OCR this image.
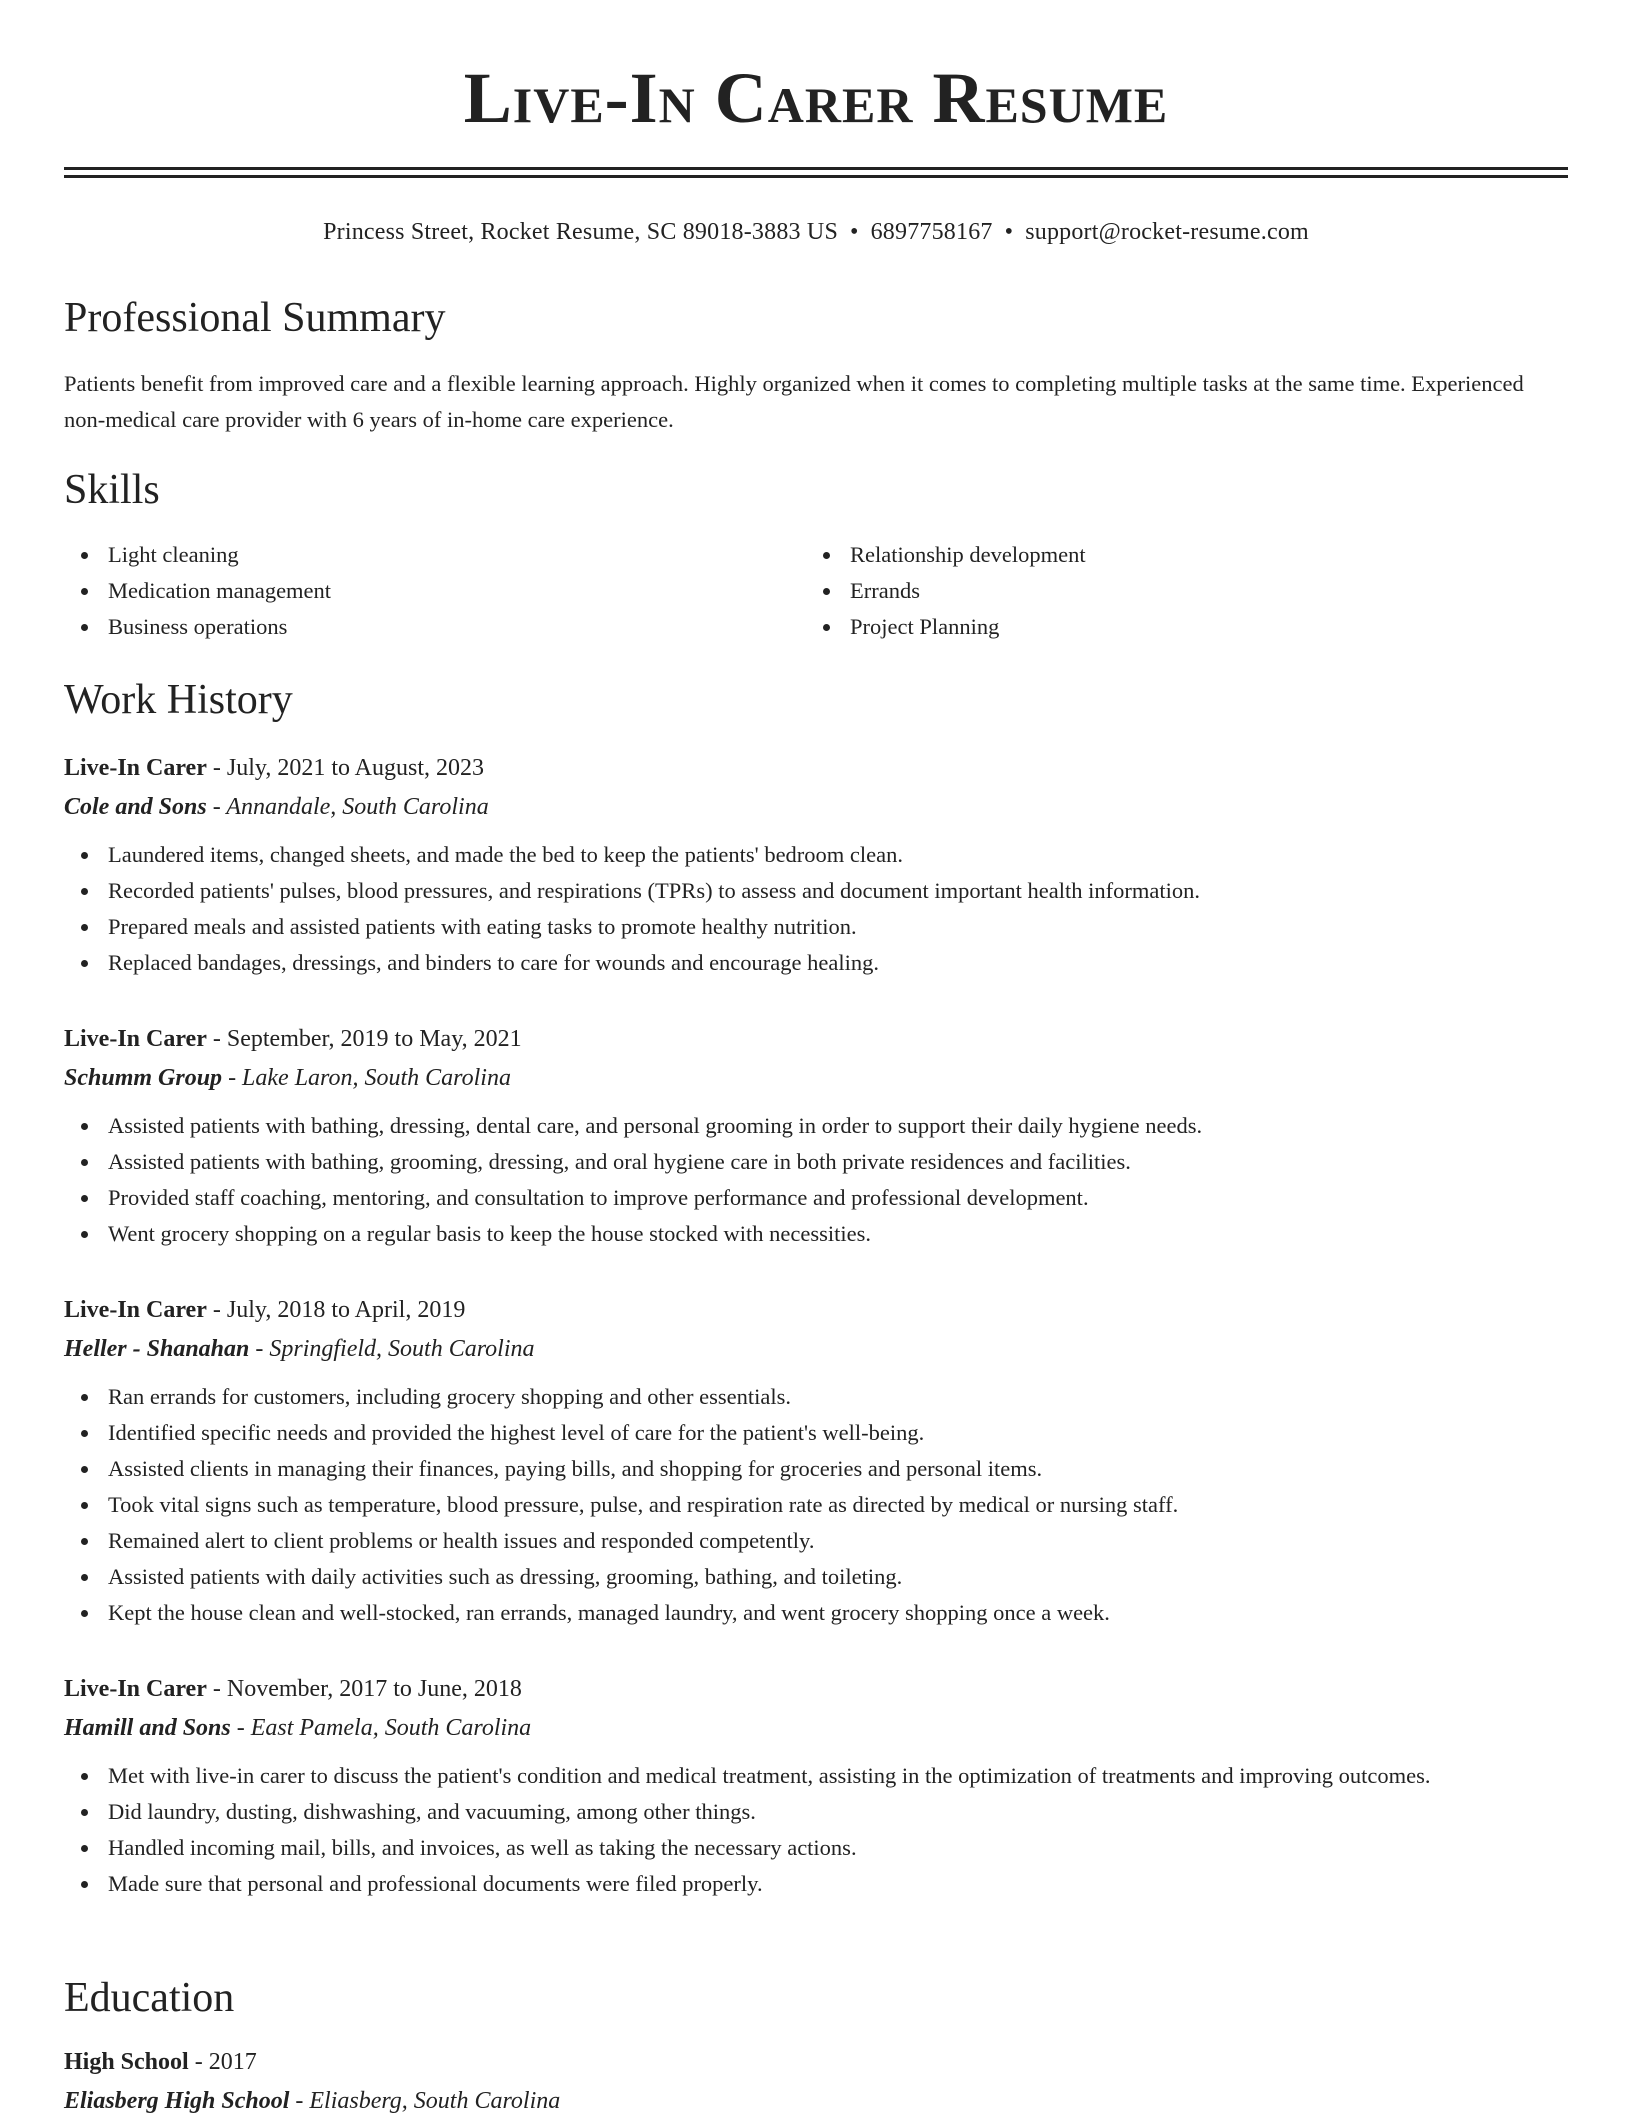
Live-In Carer Resume
Princess Street, Rocket Resume, SC 89018-3883 US • 6897758167 • support@rocket-resume.com
Professional Summary

Patients benefit from improved care and a flexible learning approach. Highly organized when it comes to completing multiple tasks at the same time. Experienced non-medical care provider with 6 years of in-home care experience.

Skills
Light cleaning
Medication management
Business operations
Relationship development
Errands
Project Planning
Work History
Live-In Carer - July, 2021 to August, 2023
Cole and Sons - Annandale, South Carolina
Laundered items, changed sheets, and made the bed to keep the patients' bedroom clean.
Recorded patients' pulses, blood pressures, and respirations (TPRs) to assess and document important health information.
Prepared meals and assisted patients with eating tasks to promote healthy nutrition.
Replaced bandages, dressings, and binders to care for wounds and encourage healing.
Live-In Carer - September, 2019 to May, 2021
Schumm Group - Lake Laron, South Carolina
Assisted patients with bathing, dressing, dental care, and personal grooming in order to support their daily hygiene needs.
Assisted patients with bathing, grooming, dressing, and oral hygiene care in both private residences and facilities.
Provided staff coaching, mentoring, and consultation to improve performance and professional development.
Went grocery shopping on a regular basis to keep the house stocked with necessities.
Live-In Carer - July, 2018 to April, 2019
Heller - Shanahan - Springfield, South Carolina
Ran errands for customers, including grocery shopping and other essentials.
Identified specific needs and provided the highest level of care for the patient's well-being.
Assisted clients in managing their finances, paying bills, and shopping for groceries and personal items.
Took vital signs such as temperature, blood pressure, pulse, and respiration rate as directed by medical or nursing staff.
Remained alert to client problems or health issues and responded competently.
Assisted patients with daily activities such as dressing, grooming, bathing, and toileting.
Kept the house clean and well-stocked, ran errands, managed laundry, and went grocery shopping once a week.
Live-In Carer - November, 2017 to June, 2018
Hamill and Sons - East Pamela, South Carolina
Met with live-in carer to discuss the patient's condition and medical treatment, assisting in the optimization of treatments and improving outcomes.
Did laundry, dusting, dishwashing, and vacuuming, among other things.
Handled incoming mail, bills, and invoices, as well as taking the necessary actions.
Made sure that personal and professional documents were filed properly.
Education
High School - 2017
Eliasberg High School - Eliasberg, South Carolina
